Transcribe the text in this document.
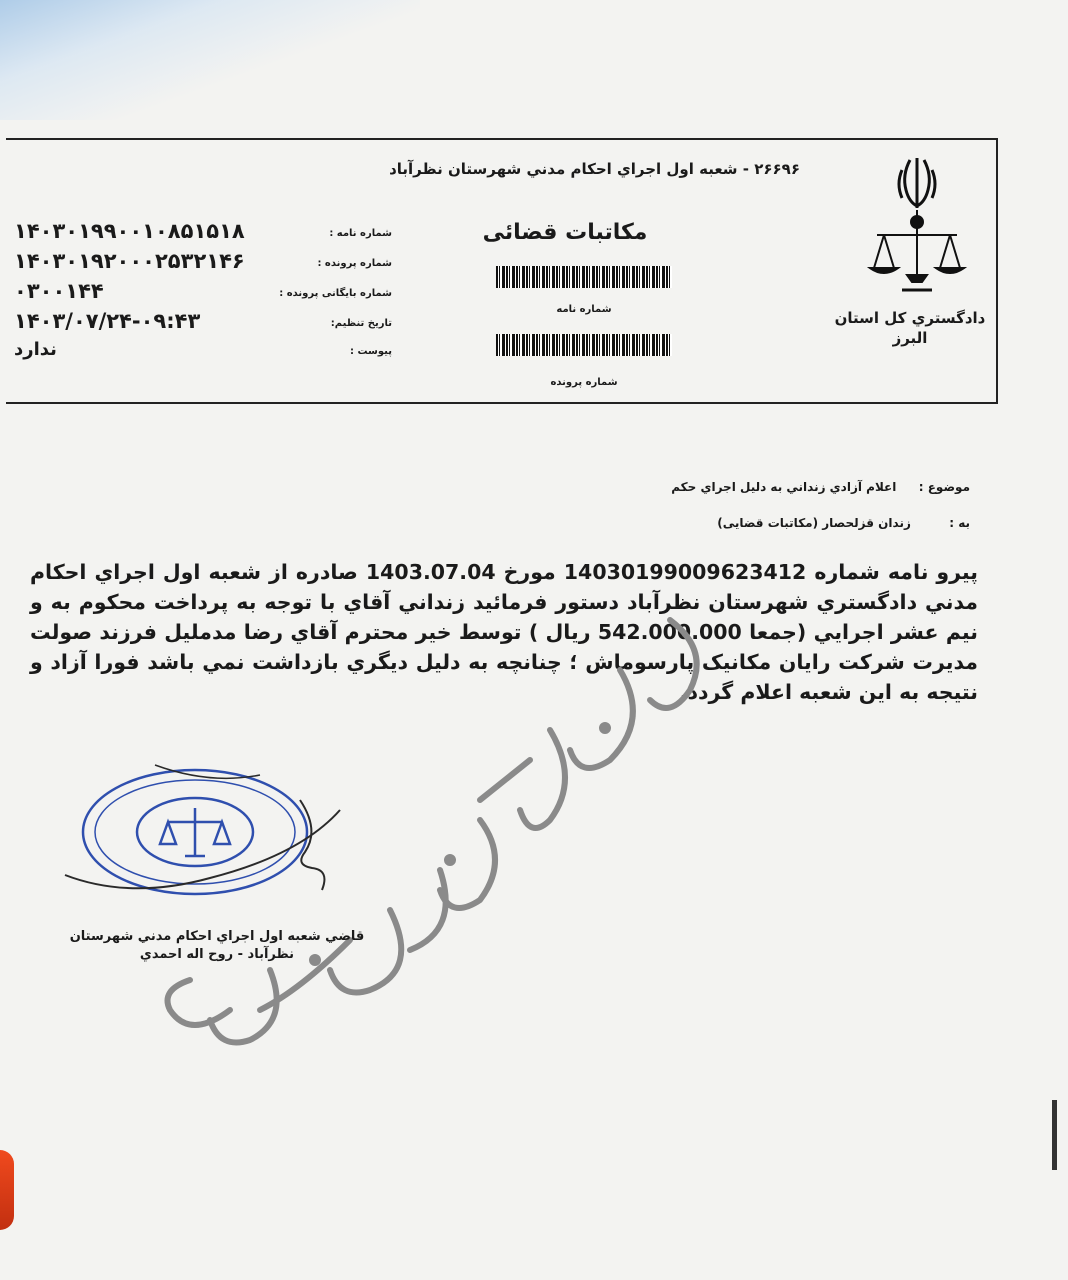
۲۶۶۹۶ - شعبه اول اجراي احکام مدني شهرستان نظرآباد
دادگستري کل استان
البرز
مکاتبات قضائی
شماره نامه
شماره پرونده
شماره نامه :
۱۴۰۳۰۱۹۹۰۰۱۰۸۵۱۵۱۸
شماره پرونده :
۱۴۰۳۰۱۹۲۰۰۰۲۵۳۲۱۴۶
شماره بایگانی پرونده :
۰۳۰۰۱۴۴
تاريخ تنظيم:
۱۴۰۳/۰۷/۲۴-۰۹:۴۳
پيوست :
ندارد
موضوع :  اعلام آزادي زنداني به دليل اجراي حکم
به :  زندان قزلحصار (مکاتبات قضایی)
پيرو نامه شماره 14030199009623412 مورخ 1403.07.04 صادره از شعبه اول اجراي احکام مدني دادگستري شهرستان نظرآباد دستور فرمائيد زنداني آقاي با توجه به پرداخت محکوم به و نيم عشر اجرايي (جمعا 542.000.000 ريال ) توسط خير محترم آقاي رضا مدمليل فرزند صولت مديرت شرکت رايان مکانيک پارسوماش ؛ چنانچه به دليل ديگري بازداشت نمي باشد فورا آزاد و نتيجه به اين شعبه اعلام گردد.
قاضي شعبه اول اجراي احکام مدني شهرستان
نظرآباد - روح اله احمدي
